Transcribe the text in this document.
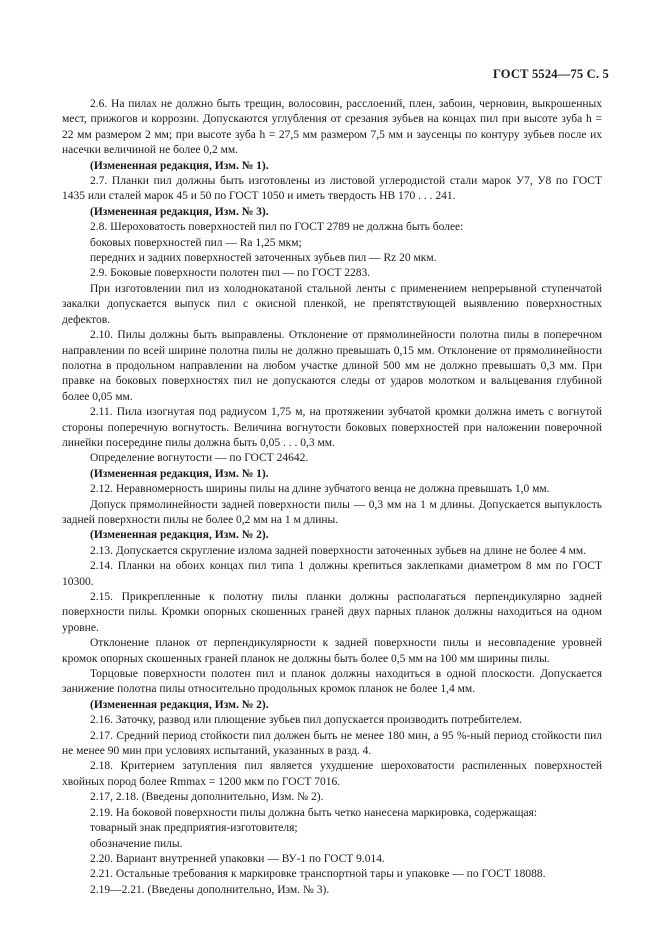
ГОСТ 5524—75 С. 5

2.6. На пилах не должно быть трещин, волосовин, расслоений, плен, забоин, черновин, выкрошенных мест, прижогов и коррозии. Допускаются углубления от срезания зубьев на концах пил при высоте зуба h = 22 мм размером 2 мм; при высоте зуба h = 27,5 мм размером 7,5 мм и заусенцы по контуру зубьев после их насечки величиной не более 0,2 мм.

(Измененная редакция, Изм. № 1).

2.7. Планки пил должны быть изготовлены из листовой углеродистой стали марок У7, У8 по ГОСТ 1435 или сталей марок 45 и 50 по ГОСТ 1050 и иметь твердость НВ 170 . . . 241.

(Измененная редакция, Изм. № 3).

2.8. Шероховатость поверхностей пил по ГОСТ 2789 не должна быть более:

боковых поверхностей пил — Ra 1,25 мкм;

передних и задних поверхностей заточенных зубьев пил — Rz 20 мкм.

2.9. Боковые поверхности полотен пил — по ГОСТ 2283.

При изготовлении пил из холоднокатаной стальной ленты с применением непрерывной ступенчатой закалки допускается выпуск пил с окисной пленкой, не препятствующей выявлению поверхностных дефектов.

2.10. Пилы должны быть выправлены. Отклонение от прямолинейности полотна пилы в поперечном направлении по всей ширине полотна пилы не должно превышать 0,15 мм. Отклонение от прямолинейности полотна в продольном направлении на любом участке длиной 500 мм не должно превышать 0,3 мм. При правке на боковых поверхностях пил не допускаются следы от ударов молотком и вальцевания глубиной более 0,05 мм.

2.11. Пила изогнутая под радиусом 1,75 м, на протяжении зубчатой кромки должна иметь с вогнутой стороны поперечную вогнутость. Величина вогнутости боковых поверхностей при наложении поверочной линейки посередине пилы должна быть 0,05 . . . 0,3 мм.

Определение вогнутости — по ГОСТ 24642.

(Измененная редакция, Изм. № 1).

2.12. Неравномерность ширины пилы на длине зубчатого венца не должна превышать 1,0 мм.

Допуск прямолинейности задней поверхности пилы — 0,3 мм на 1 м длины. Допускается выпуклость задней поверхности пилы не более 0,2 мм на 1 м длины.

(Измененная редакция, Изм. № 2).

2.13. Допускается скругление излома задней поверхности заточенных зубьев на длине не более 4 мм.

2.14. Планки на обоих концах пил типа 1 должны крепиться заклепками диаметром 8 мм по ГОСТ 10300.

2.15. Прикрепленные к полотну пилы планки должны располагаться перпендикулярно задней поверхности пилы. Кромки опорных скошенных граней двух парных планок должны находиться на одном уровне.

Отклонение планок от перпендикулярности к задней поверхности пилы и несовпадение уровней кромок опорных скошенных граней планок не должны быть более 0,5 мм на 100 мм ширины пилы.

Торцовые поверхности полотен пил и планок должны находиться в одной плоскости. Допускается занижение полотна пилы относительно продольных кромок планок не более 1,4 мм.

(Измененная редакция, Изм. № 2).

2.16. Заточку, развод или плющение зубьев пил допускается производить потребителем.

2.17. Средний период стойкости пил должен быть не менее 180 мин, а 95 %-ный период стойкости пил не менее 90 мин при условиях испытаний, указанных в разд. 4.

2.18. Критерием затупления пил является ухудшение шероховатости распиленных поверхностей хвойных пород более Rmmax = 1200 мкм по ГОСТ 7016.

2.17, 2.18. (Введены дополнительно, Изм. № 2).

2.19. На боковой поверхности пилы должна быть четко нанесена маркировка, содержащая:

товарный знак предприятия-изготовителя;

обозначение пилы.

2.20. Вариант внутренней упаковки — ВУ-1 по ГОСТ 9.014.

2.21. Остальные требования к маркировке транспортной тары и упаковке — по ГОСТ 18088.

2.19—2.21. (Введены дополнительно, Изм. № 3).
